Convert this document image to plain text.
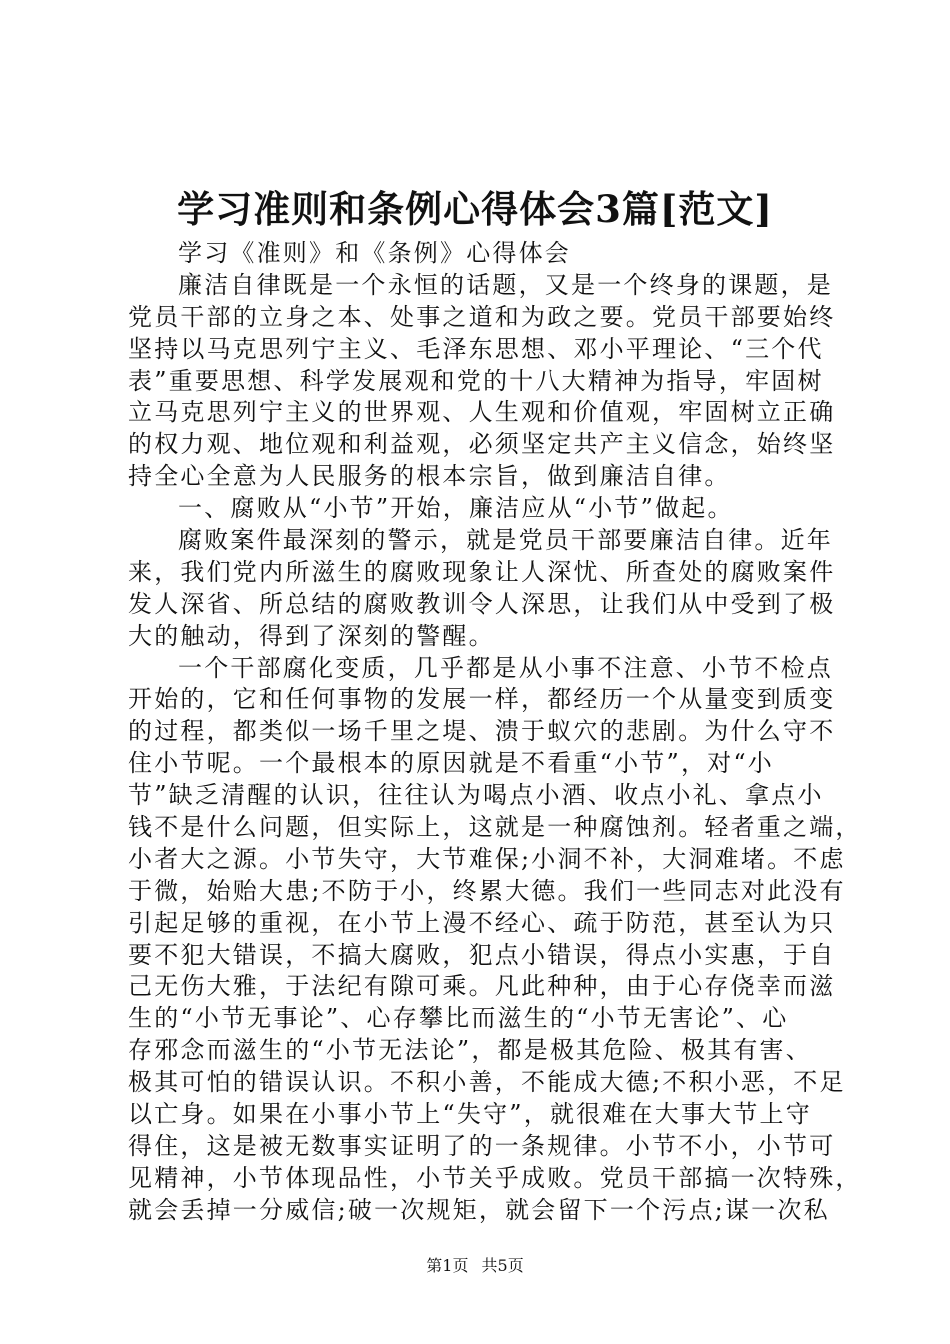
学习准则和条例心得体会3篇[范文]
学习《准则》和《条例》心得体会
廉洁自律既是一个永恒的话题，又是一个终身的课题，是
党员干部的立身之本、处事之道和为政之要。党员干部要始终
坚持以马克思列宁主义、毛泽东思想、邓小平理论、“三个代
表”重要思想、科学发展观和党的十八大精神为指导，牢固树
立马克思列宁主义的世界观、人生观和价值观，牢固树立正确
的权力观、地位观和利益观，必须坚定共产主义信念，始终坚
持全心全意为人民服务的根本宗旨，做到廉洁自律。
一、腐败从“小节”开始，廉洁应从“小节”做起。
腐败案件最深刻的警示，就是党员干部要廉洁自律。近年
来，我们党内所滋生的腐败现象让人深忧、所查处的腐败案件
发人深省、所总结的腐败教训令人深思，让我们从中受到了极
大的触动，得到了深刻的警醒。
一个干部腐化变质，几乎都是从小事不注意、小节不检点
开始的，它和任何事物的发展一样，都经历一个从量变到质变
的过程，都类似一场千里之堤、溃于蚁穴的悲剧。为什么守不
住小节呢。一个最根本的原因就是不看重“小节”，对“小
节”缺乏清醒的认识，往往认为喝点小酒、收点小礼、拿点小
钱不是什么问题，但实际上，这就是一种腐蚀剂。轻者重之端，
小者大之源。小节失守，大节难保;小洞不补，大洞难堵。不虑
于微，始贻大患;不防于小，终累大德。我们一些同志对此没有
引起足够的重视，在小节上漫不经心、疏于防范，甚至认为只
要不犯大错误，不搞大腐败，犯点小错误，得点小实惠，于自
己无伤大雅，于法纪有隙可乘。凡此种种，由于心存侥幸而滋
生的“小节无事论”、心存攀比而滋生的“小节无害论”、心
存邪念而滋生的“小节无法论”，都是极其危险、极其有害、
极其可怕的错误认识。不积小善，不能成大德;不积小恶，不足
以亡身。如果在小事小节上“失守”，就很难在大事大节上守
得住，这是被无数事实证明了的一条规律。小节不小，小节可
见精神，小节体现品性，小节关乎成败。党员干部搞一次特殊，
就会丢掉一分威信;破一次规矩，就会留下一个污点;谋一次私
第1页 共5页
